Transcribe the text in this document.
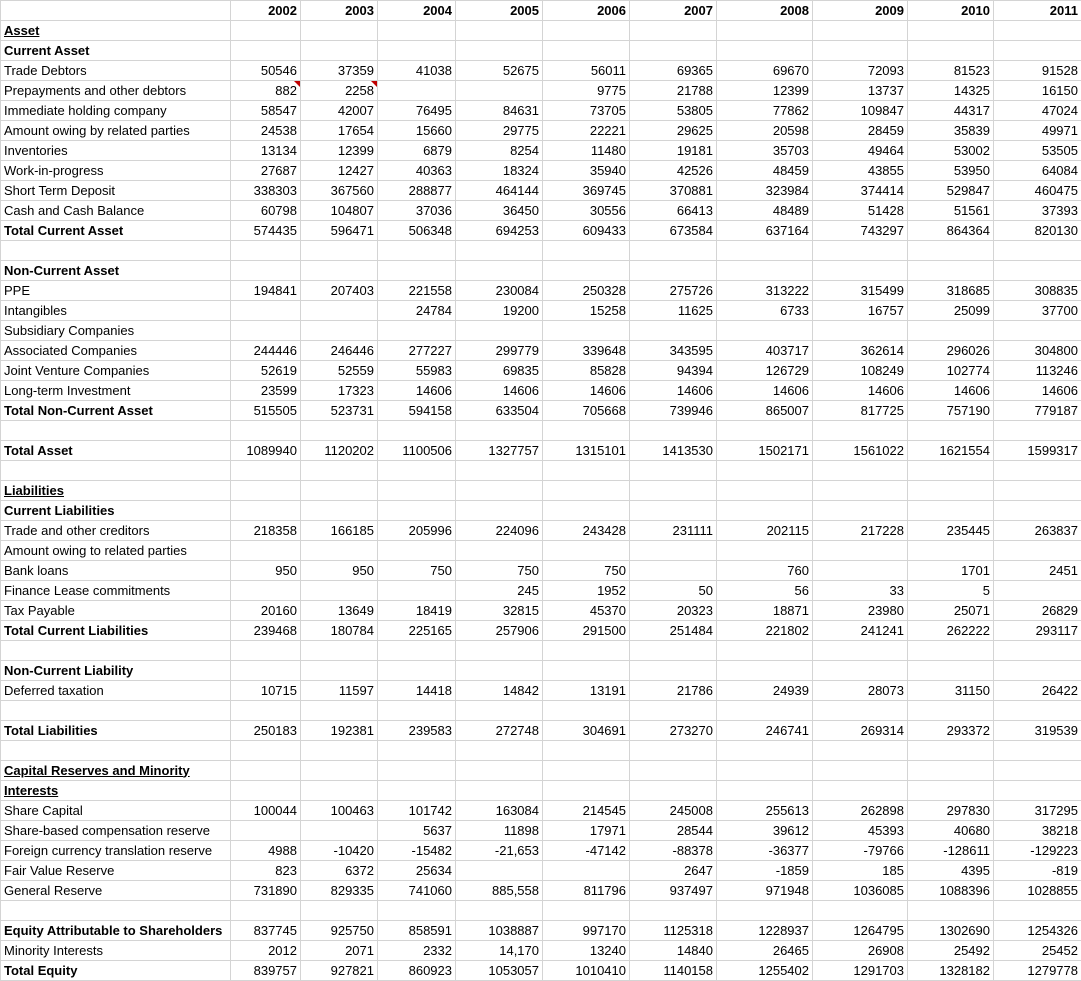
	2002	2003	2004	2005	2006	2007	2008	2009	2010	2011
Asset										
Current Asset										
Trade Debtors	50546	37359	41038	52675	56011	69365	69670	72093	81523	91528
Prepayments and other debtors	882	2258			9775	21788	12399	13737	14325	16150
Immediate holding company	58547	42007	76495	84631	73705	53805	77862	109847	44317	47024
Amount owing by related parties	24538	17654	15660	29775	22221	29625	20598	28459	35839	49971
Inventories	13134	12399	6879	8254	11480	19181	35703	49464	53002	53505
Work-in-progress	27687	12427	40363	18324	35940	42526	48459	43855	53950	64084
Short Term Deposit	338303	367560	288877	464144	369745	370881	323984	374414	529847	460475
Cash and Cash Balance	60798	104807	37036	36450	30556	66413	48489	51428	51561	37393
Total Current Asset	574435	596471	506348	694253	609433	673584	637164	743297	864364	820130

Non-Current Asset										
PPE	194841	207403	221558	230084	250328	275726	313222	315499	318685	308835
Intangibles			24784	19200	15258	11625	6733	16757	25099	37700
Subsidiary Companies										
Associated Companies	244446	246446	277227	299779	339648	343595	403717	362614	296026	304800
Joint Venture Companies	52619	52559	55983	69835	85828	94394	126729	108249	102774	113246
Long-term Investment	23599	17323	14606	14606	14606	14606	14606	14606	14606	14606
Total Non-Current Asset	515505	523731	594158	633504	705668	739946	865007	817725	757190	779187

Total Asset	1089940	1120202	1100506	1327757	1315101	1413530	1502171	1561022	1621554	1599317

Liabilities										
Current Liabilities										
Trade and other creditors	218358	166185	205996	224096	243428	231111	202115	217228	235445	263837
Amount owing to related parties										
Bank loans	950	950	750	750	750		760		1701	2451
Finance Lease commitments				245	1952	50	56	33	5	
Tax Payable	20160	13649	18419	32815	45370	20323	18871	23980	25071	26829
Total Current Liabilities	239468	180784	225165	257906	291500	251484	221802	241241	262222	293117

Non-Current Liability										
Deferred taxation	10715	11597	14418	14842	13191	21786	24939	28073	31150	26422

Total Liabilities	250183	192381	239583	272748	304691	273270	246741	269314	293372	319539

Capital Reserves and Minority										
Interests										
Share Capital	100044	100463	101742	163084	214545	245008	255613	262898	297830	317295
Share-based compensation reserve			5637	11898	17971	28544	39612	45393	40680	38218
Foreign currency translation reserve	4988	-10420	-15482	-21,653	-47142	-88378	-36377	-79766	-128611	-129223
Fair Value Reserve	823	6372	25634			2647	-1859	185	4395	-819
General Reserve	731890	829335	741060	885,558	811796	937497	971948	1036085	1088396	1028855

Equity Attributable to Shareholders	837745	925750	858591	1038887	997170	1125318	1228937	1264795	1302690	1254326
Minority Interests	2012	2071	2332	14,170	13240	14840	26465	26908	25492	25452
Total Equity	839757	927821	860923	1053057	1010410	1140158	1255402	1291703	1328182	1279778
